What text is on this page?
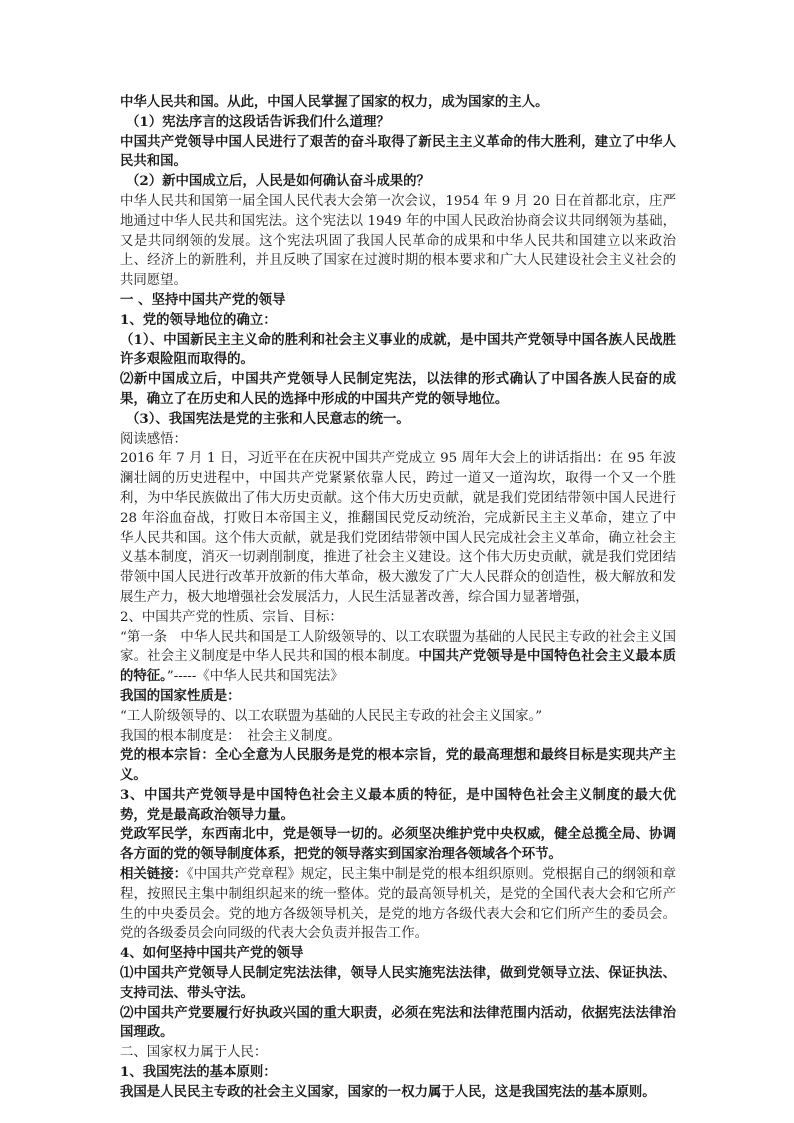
中华人民共和国。从此，中国人民掌握了国家的权力，成为国家的主人。

（1）宪法序言的这段话告诉我们什么道理？

中国共产党领导中国人民进行了艰苦的奋斗取得了新民主主义革命的伟大胜利，建立了中华人民共和国。

（2）新中国成立后，人民是如何确认奋斗成果的？

中华人民共和国第一届全国人民代表大会第一次会议，1954 年 9 月 20 日在首都北京，庄严地通过中华人民共和国宪法。这个宪法以 1949 年的中国人民政治协商会议共同纲领为基础，又是共同纲领的发展。这个宪法巩固了我国人民革命的成果和中华人民共和国建立以来政治上、经济上的新胜利，并且反映了国家在过渡时期的根本要求和广大人民建设社会主义社会的共同愿望。

一 、坚持中国共产党的领导

1、党的领导地位的确立：

（1）、中国新民主主义命的胜利和社会主义事业的成就，是中国共产党领导中国各族人民战胜许多艰险阻而取得的。

⑵新中国成立后，中国共产党领导人民制定宪法，以法律的形式确认了中国各族人民奋的成果，确立了在历史和人民的选择中形成的中国共产党的领导地位。

（3）、我国宪法是党的主张和人民意志的统一。

阅读感悟：

2016 年 7 月 1 日，习近平在在庆祝中国共产党成立 95 周年大会上的讲话指出：在 95 年波澜壮阔的历史进程中，中国共产党紧紧依靠人民，跨过一道又一道沟坎，取得一个又一个胜利，为中华民族做出了伟大历史贡献。这个伟大历史贡献，就是我们党团结带领中国人民进行 28 年浴血奋战，打败日本帝国主义，推翻国民党反动统治，完成新民主主义革命，建立了中华人民共和国。这个伟大贡献，就是我们党团结带领中国人民完成社会主义革命，确立社会主义基本制度，消灭一切剥削制度，推进了社会主义建设。这个伟大历史贡献，就是我们党团结带领中国人民进行改革开放新的伟大革命，极大激发了广大人民群众的创造性，极大解放和发展生产力，极大地增强社会发展活力，人民生活显著改善，综合国力显著增强，

2、中国共产党的性质、宗旨、目标：

“第一条　中华人民共和国是工人阶级领导的、以工农联盟为基础的人民民主专政的社会主义国家。社会主义制度是中华人民共和国的根本制度。中国共产党领导是中国特色社会主义最本质的特征。”-----《中华人民共和国宪法》

我国的国家性质是：

“工人阶级领导的、以工农联盟为基础的人民民主专政的社会主义国家。”

我国的根本制度是：　社会主义制度。

党的根本宗旨：全心全意为人民服务是党的根本宗旨，党的最高理想和最终目标是实现共产主义。

3、中国共产党领导是中国特色社会主义最本质的特征，是中国特色社会主义制度的最大优势，党是最高政治领导力量。

党政军民学，东西南北中，党是领导一切的。必须坚决维护党中央权威，健全总揽全局、协调各方面的党的领导制度体系，把党的领导落实到国家治理各领域各个环节。

相关链接：《中国共产党章程》规定，民主集中制是党的根本组织原则。党根据自己的纲领和章程，按照民主集中制组织起来的统一整体。党的最高领导机关，是党的全国代表大会和它所产生的中央委员会。党的地方各级领导机关，是党的地方各级代表大会和它们所产生的委员会。党的各级委员会向同级的代表大会负责并报告工作。

4、如何坚持中国共产党的领导

⑴中国共产党领导人民制定宪法法律，领导人民实施宪法法律，做到党领导立法、保证执法、支持司法、带头守法。

⑵中国共产党要履行好执政兴国的重大职责，必须在宪法和法律范围内活动，依据宪法法律治国理政。

二、国家权力属于人民：

1、我国宪法的基本原则：

我国是人民民主专政的社会主义国家，国家的一权力属于人民，这是我国宪法的基本原则。
